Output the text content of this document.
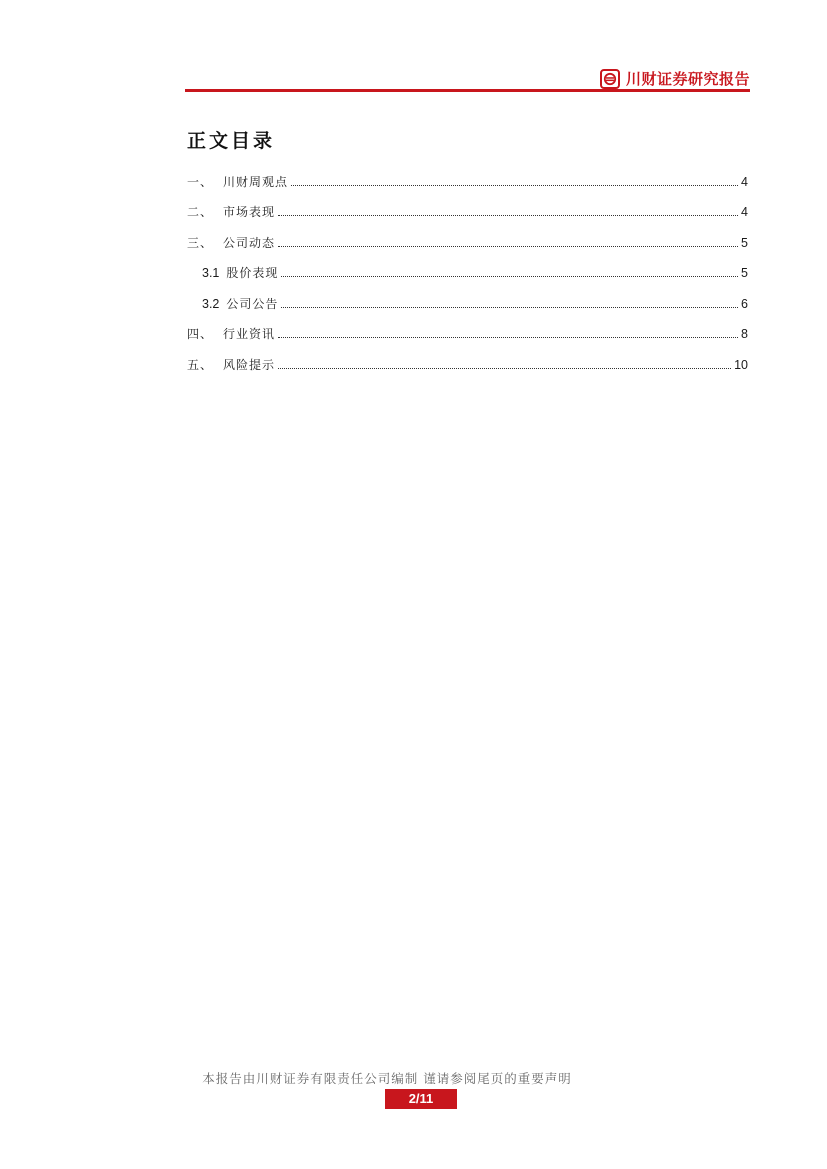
川财证券研究报告
正文目录
一、 川财周观点	4
二、 市场表现	4
三、 公司动态	5
3.1 股价表现	5
3.2 公司公告	6
四、 行业资讯	8
五、 风险提示	10
本报告由川财证券有限责任公司编制 谨请参阅尾页的重要声明
2/11
